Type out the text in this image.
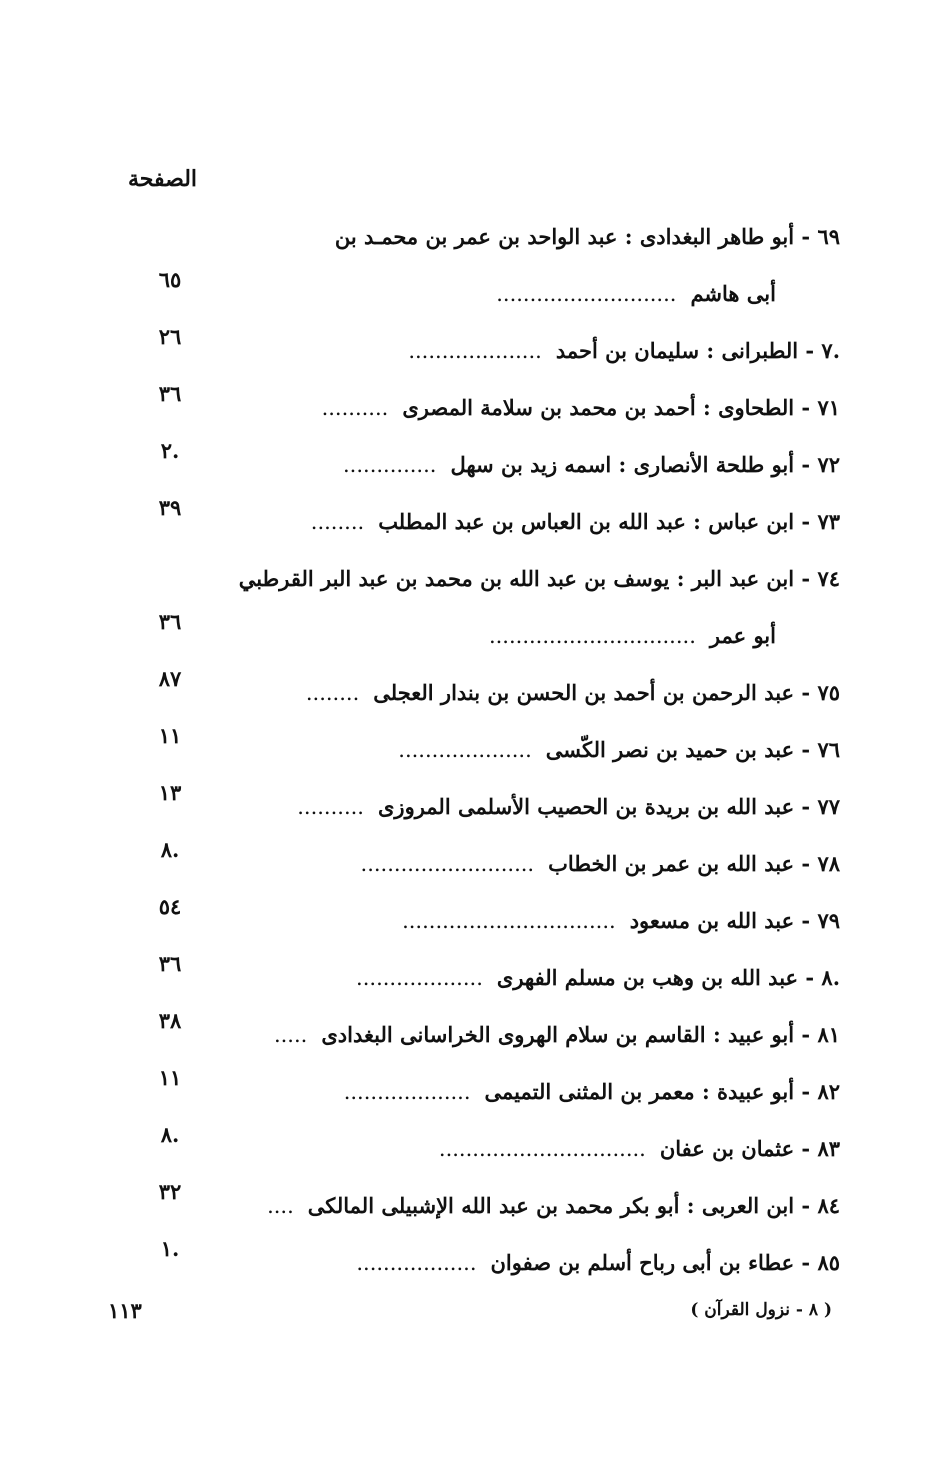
الصفحة
٦٩ - أبو طاهر البغدادى : عبد الواحد بن عمر بن محمـد بن
أبى هاشم...........................
٦٥
.٧ - الطبرانى : سليمان بن أحمد....................
٢٦
٧١ - الطحاوى : أحمد بن محمد بن سلامة المصرى..........
٣٦
٧٢ - أبو طلحة الأنصارى : اسمه زيد بن سهل..............
٢.
٧٣ - ابن عباس : عبد الله بن العباس بن عبد المطلب........
٣٩
٧٤ - ابن عبد البر : يوسف بن عبد الله بن محمد بن عبد البر القرطبي
أبو عمر...............................
٣٦
٧٥ - عبد الرحمن بن أحمد بن الحسن بن بندار العجلى........
٨٧
٧٦ - عبد بن حميد بن نصر الكّسى....................
١١
٧٧ - عبد الله بن بريدة بن الحصيب الأسلمى المروزى..........
١٣
٧٨ - عبد الله بن عمر بن الخطاب..........................
٨.
٧٩ - عبد الله بن مسعود................................
٥٤
.٨ - عبد الله بن وهب بن مسلم الفهرى...................
٣٦
٨١ - أبو عبيد : القاسم بن سلام الهروى الخراسانى البغدادى.....
٣٨
٨٢ - أبو عبيدة : معمر بن المثنى التميمى...................
١١
٨٣ - عثمان بن عفان...............................
٨.
٨٤ - ابن العربى : أبو بكر محمد بن عبد الله الإشبيلى المالكى....
٣٢
٨٥ - عطاء بن أبى رباح أسلم بن صفوان..................
١.
١١٣	( ٨ - نزول القرآن )
